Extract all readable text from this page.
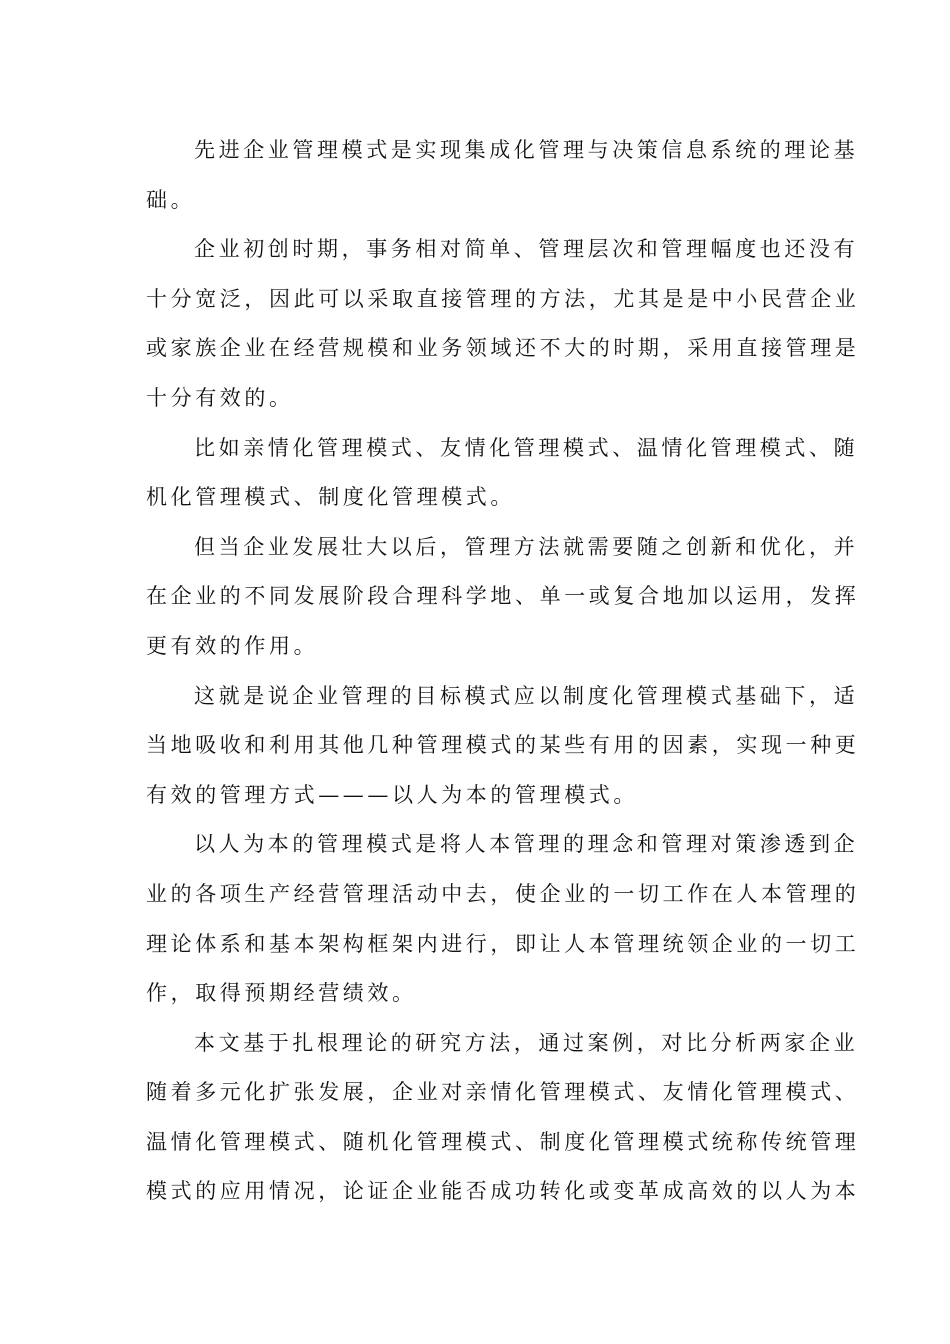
先进企业管理模式是实现集成化管理与决策信息系统的理论基
础。
企业初创时期，事务相对简单、管理层次和管理幅度也还没有
十分宽泛，因此可以采取直接管理的方法，尤其是是中小民营企业
或家族企业在经营规模和业务领域还不大的时期，采用直接管理是
十分有效的。
比如亲情化管理模式、友情化管理模式、温情化管理模式、随
机化管理模式、制度化管理模式。
但当企业发展壮大以后，管理方法就需要随之创新和优化，并
在企业的不同发展阶段合理科学地、单一或复合地加以运用，发挥
更有效的作用。
这就是说企业管理的目标模式应以制度化管理模式基础下，适
当地吸收和利用其他几种管理模式的某些有用的因素，实现一种更
有效的管理方式———以人为本的管理模式。
以人为本的管理模式是将人本管理的理念和管理对策渗透到企
业的各项生产经营管理活动中去，使企业的一切工作在人本管理的
理论体系和基本架构框架内进行，即让人本管理统领企业的一切工
作，取得预期经营绩效。
本文基于扎根理论的研究方法，通过案例，对比分析两家企业
随着多元化扩张发展，企业对亲情化管理模式、友情化管理模式、
温情化管理模式、随机化管理模式、制度化管理模式统称传统管理
模式的应用情况，论证企业能否成功转化或变革成高效的以人为本
